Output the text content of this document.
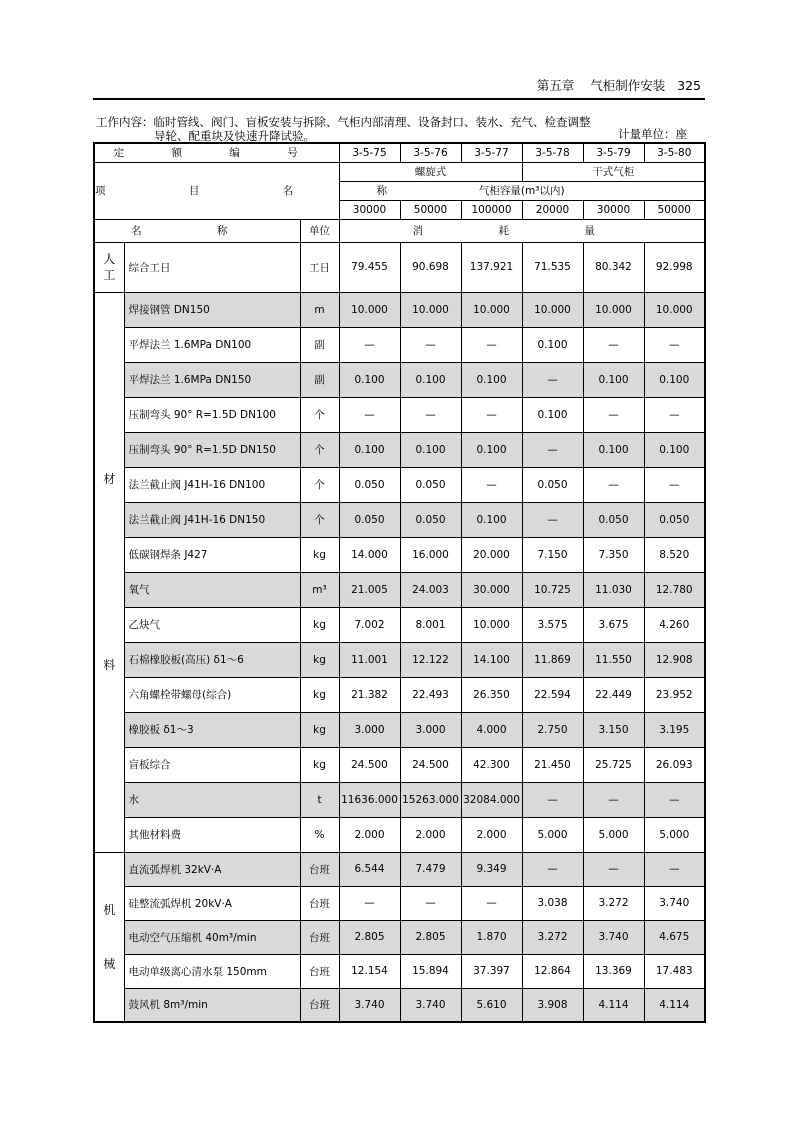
第五章 气柜制作安装 325
工作内容：临时管线、阀门、盲板安装与拆除、气柜内部清理、设备封口、装水、充气、检查调整
导轮、配重块及快速升降试验。	计量单位：座
定 额 编 号			3-5-75	3-5-76	3-5-77	3-5-78	3-5-79	3-5-80
项 目 名 称			螺旋式			干式气柜		
			气柜容量(m³以内)					
			30000	50000	100000	20000	30000	50000
名 称		单位	消 耗 量					

人工	综合工日	工日	79.455	90.698	137.921	71.535	80.342	92.998

材
料	焊接钢管 DN150	m	10.000	10.000	10.000	10.000	10.000	10.000
	平焊法兰 1.6MPa DN100	副	—	—	—	0.100	—	—
	平焊法兰 1.6MPa DN150	副	0.100	0.100	0.100	—	0.100	0.100
	压制弯头 90° R=1.5D DN100	个	—	—	—	0.100	—	—
	压制弯头 90° R=1.5D DN150	个	0.100	0.100	0.100	—	0.100	0.100
	法兰截止阀 J41H-16 DN100	个	0.050	0.050	—	0.050	—	—
	法兰截止阀 J41H-16 DN150	个	0.050	0.050	0.100	—	0.050	0.050
	低碳钢焊条 J427	kg	14.000	16.000	20.000	7.150	7.350	8.520
	氧气	m³	21.005	24.003	30.000	10.725	11.030	12.780
	乙炔气	kg	7.002	8.001	10.000	3.575	3.675	4.260
	石棉橡胶板(高压) δ1～6	kg	11.001	12.122	14.100	11.869	11.550	12.908
	六角螺栓带螺母(综合)	kg	21.382	22.493	26.350	22.594	22.449	23.952
	橡胶板 δ1～3	kg	3.000	3.000	4.000	2.750	3.150	3.195
	盲板综合	kg	24.500	24.500	42.300	21.450	25.725	26.093
	水	t	11636.000	15263.000	32084.000	—	—	—
	其他材料费	%	2.000	2.000	2.000	5.000	5.000	5.000

机
械	直流弧焊机 32kV·A	台班	6.544	7.479	9.349	—	—	—
	硅整流弧焊机 20kV·A	台班	—	—	—	3.038	3.272	3.740
	电动空气压缩机 40m³/min	台班	2.805	2.805	1.870	3.272	3.740	4.675
	电动单级离心清水泵 150mm	台班	12.154	15.894	37.397	12.864	13.369	17.483
	鼓风机 8m³/min	台班	3.740	3.740	5.610	3.908	4.114	4.114
